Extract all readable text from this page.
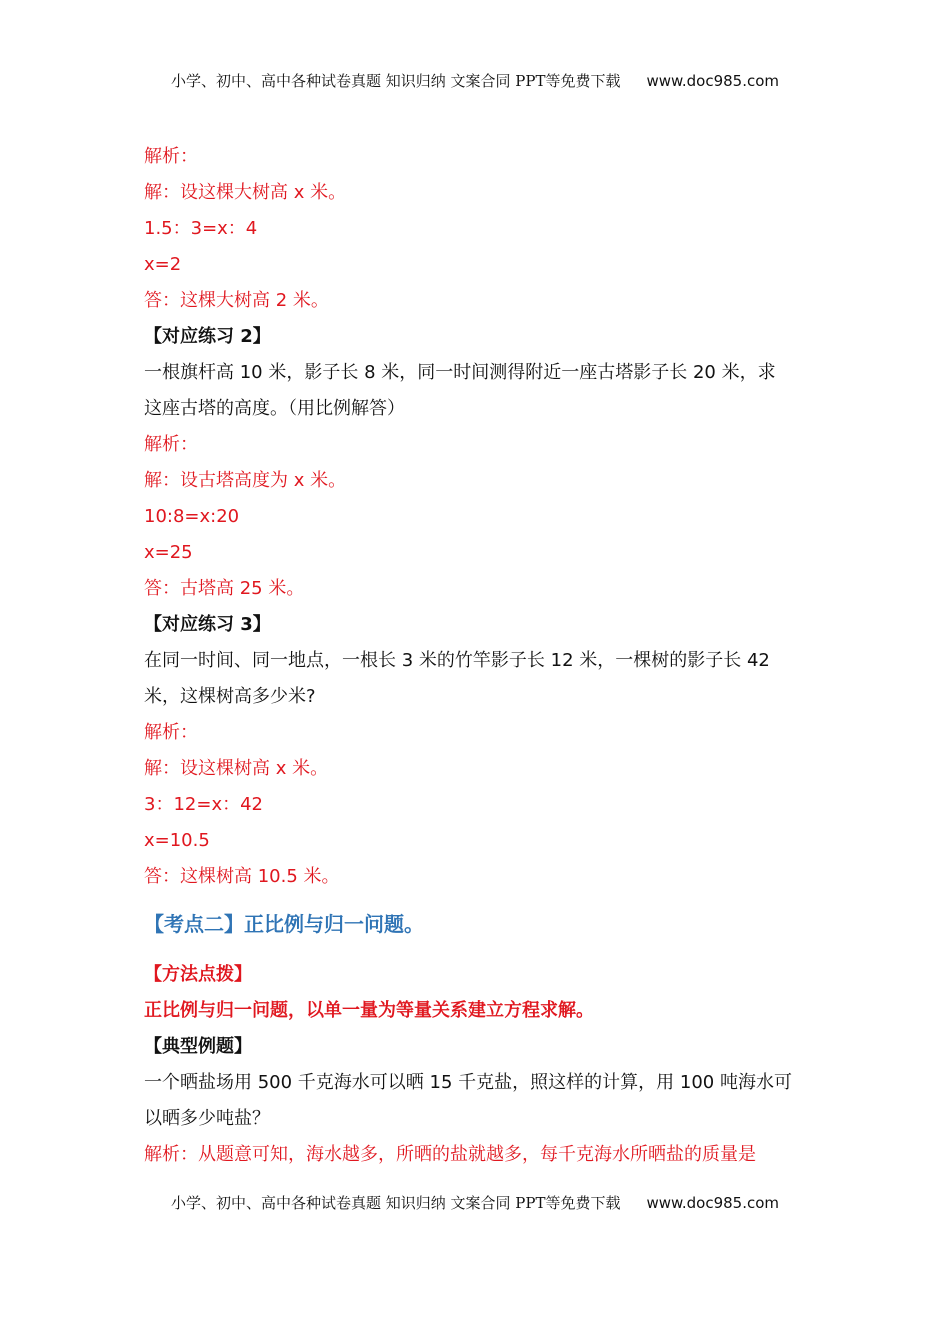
小学、初中、高中各种试卷真题 知识归纳 文案合同 PPT等免费下载 www.doc985.com
解析：
解：设这棵大树高 x 米。
1.5：3=x：4
x=2
答：这棵大树高 2 米。
【对应练习 2】
一根旗杆高 10 米，影子长 8 米，同一时间测得附近一座古塔影子长 20 米，求
这座古塔的高度。（用比例解答）
解析：
解：设古塔高度为 x 米。
10:8=x:20
x=25
答：古塔高 25 米。
【对应练习 3】
在同一时间、同一地点，一根长 3 米的竹竿影子长 12 米，一棵树的影子长 42
米，这棵树高多少米?
解析：
解：设这棵树高 x 米。
3：12=x：42
x=10.5
答：这棵树高 10.5 米。
【考点二】正比例与归一问题。
【方法点拨】
正比例与归一问题，以单一量为等量关系建立方程求解。
【典型例题】
一个晒盐场用 500 千克海水可以晒 15 千克盐，照这样的计算，用 100 吨海水可
以晒多少吨盐？
解析：从题意可知，海水越多，所晒的盐就越多，每千克海水所晒盐的质量是
小学、初中、高中各种试卷真题 知识归纳 文案合同 PPT等免费下载 www.doc985.com
